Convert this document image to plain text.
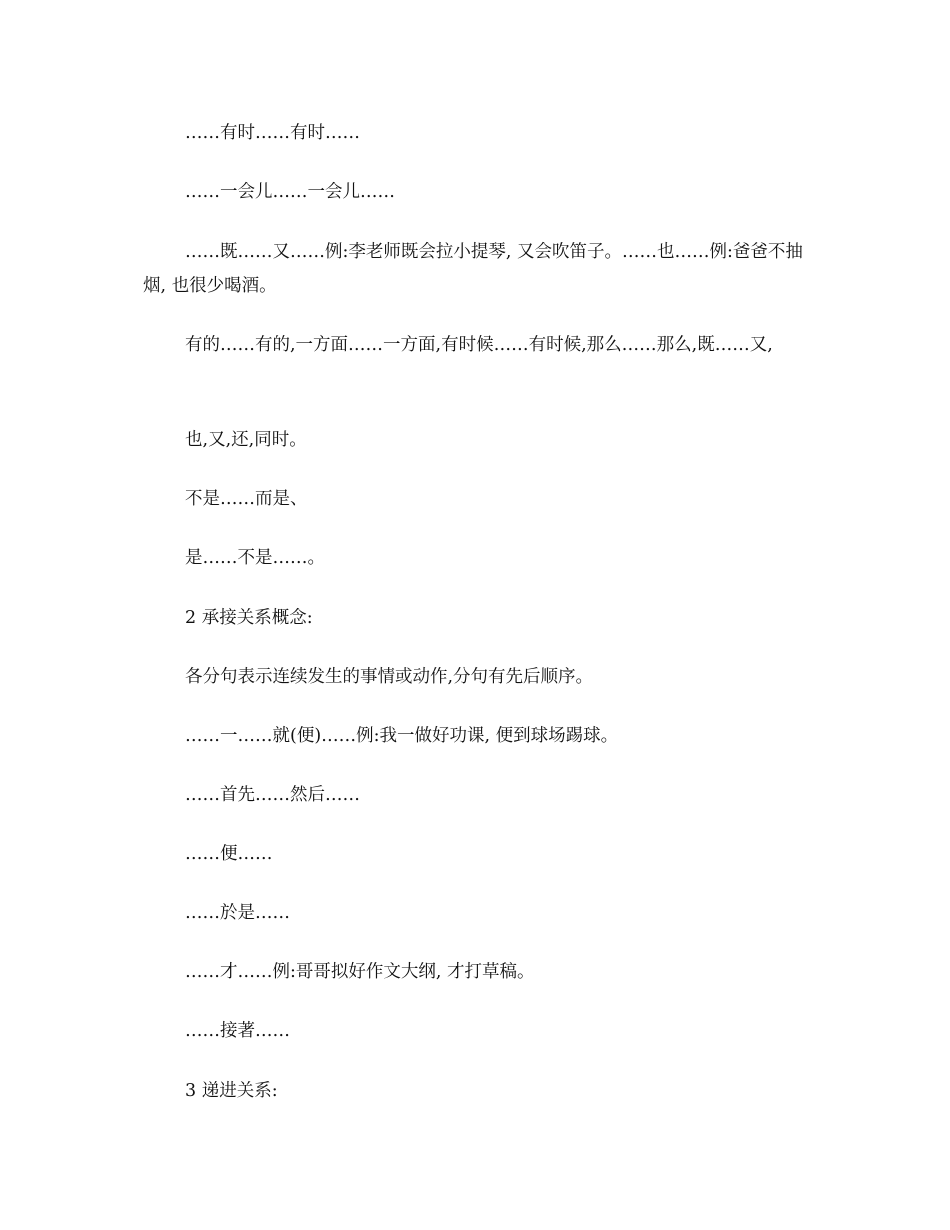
……有时……有时……

……一会儿……一会儿……

……既……又……例:李老师既会拉小提琴, 又会吹笛子。……也……例:爸爸不抽烟, 也很少喝酒。

有的……有的,一方面……一方面,有时候……有时候,那么……那么,既……又,

也,又,还,同时。

不是……而是、

是……不是……。

2 承接关系概念:

各分句表示连续发生的事情或动作,分句有先后顺序。

……一……就(便)……例:我一做好功课, 便到球场踢球。

……首先……然后……

……便……

……於是……

……才……例:哥哥拟好作文大纲, 才打草稿。

……接著……

3 递进关系:
